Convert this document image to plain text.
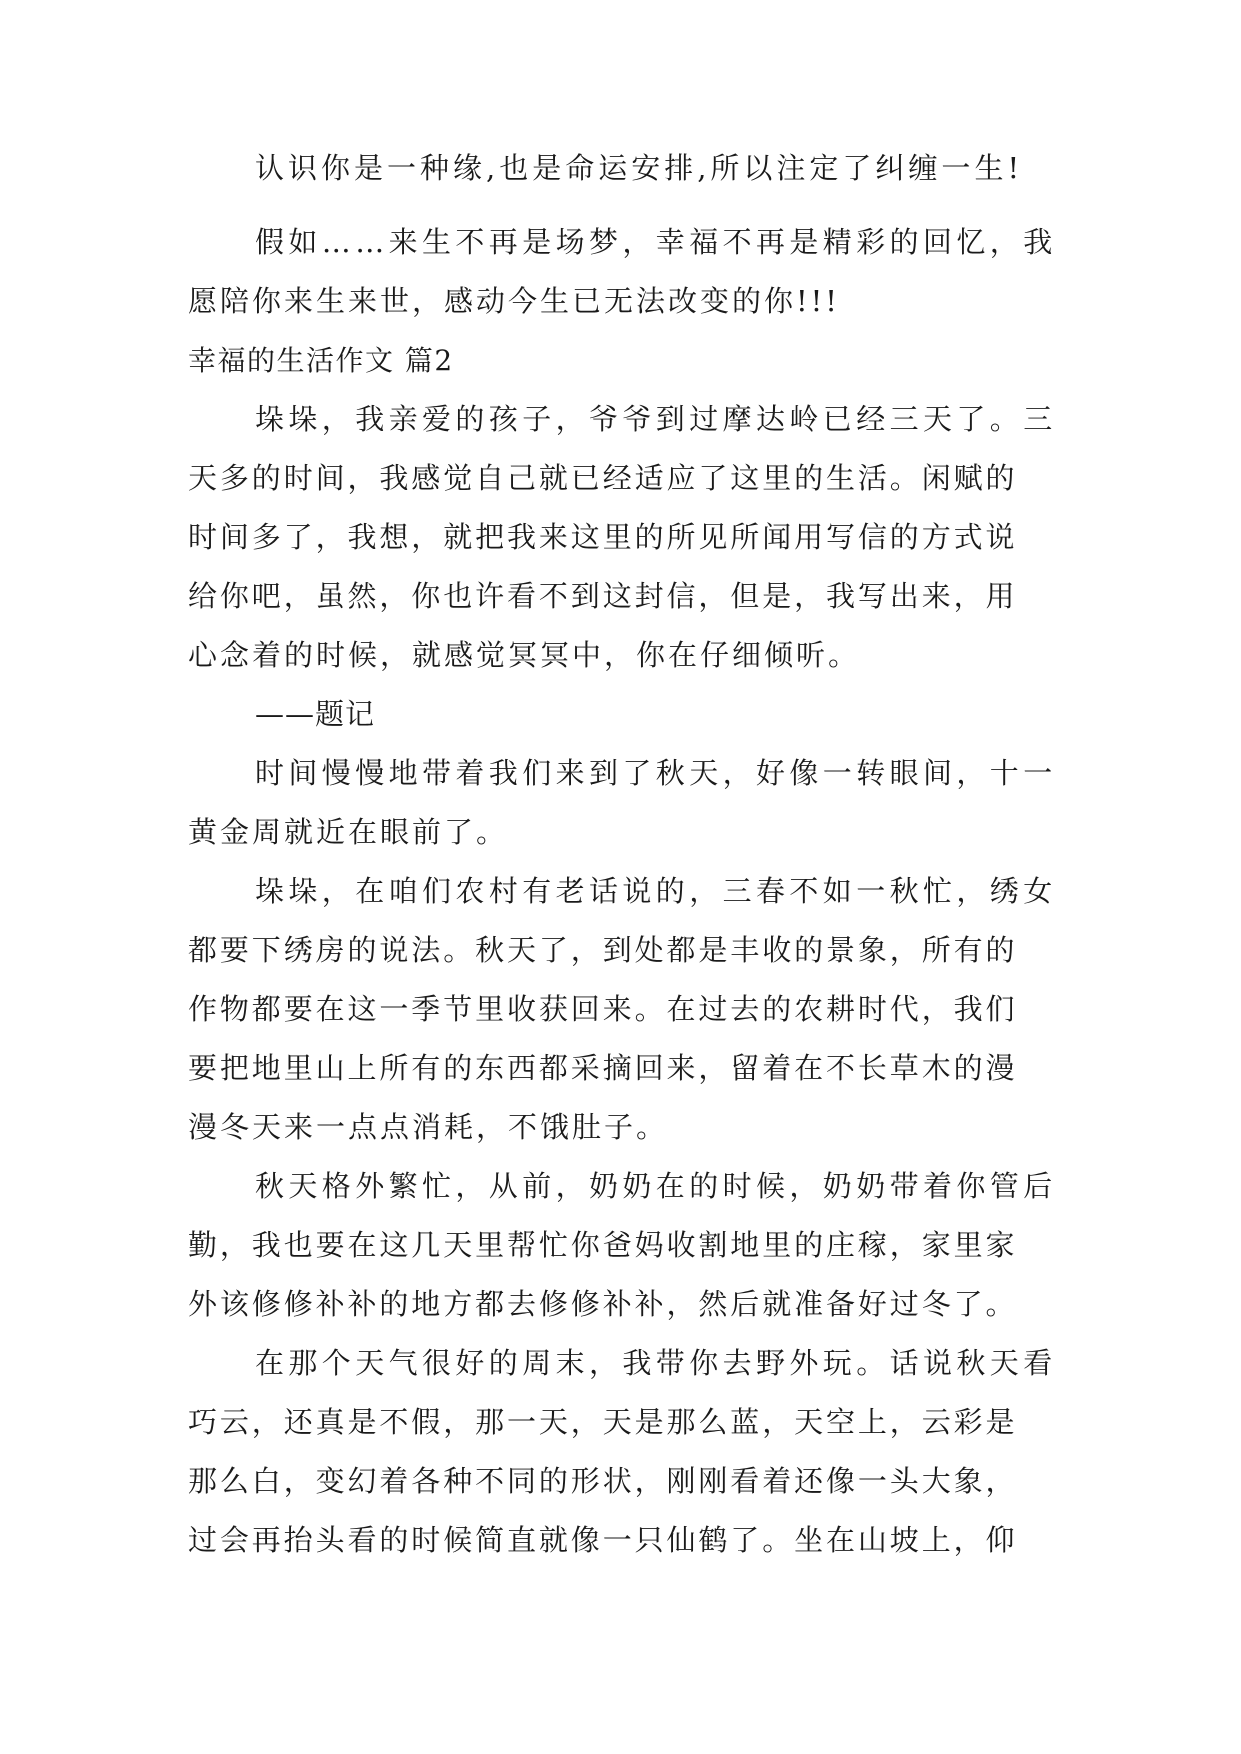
认识你是一种缘,也是命运安排,所以注定了纠缠一生!
假如……来生不再是场梦，幸福不再是精彩的回忆，我
愿陪你来生来世，感动今生已无法改变的你!!!
幸福的生活作文 篇2
垛垛，我亲爱的孩子，爷爷到过摩达岭已经三天了。三
天多的时间，我感觉自己就已经适应了这里的生活。闲赋的
时间多了，我想，就把我来这里的所见所闻用写信的方式说
给你吧，虽然，你也许看不到这封信，但是，我写出来，用
心念着的时候，就感觉冥冥中，你在仔细倾听。
——题记
时间慢慢地带着我们来到了秋天，好像一转眼间，十一
黄金周就近在眼前了。
垛垛，在咱们农村有老话说的，三春不如一秋忙，绣女
都要下绣房的说法。秋天了，到处都是丰收的景象，所有的
作物都要在这一季节里收获回来。在过去的农耕时代，我们
要把地里山上所有的东西都采摘回来，留着在不长草木的漫
漫冬天来一点点消耗，不饿肚子。
秋天格外繁忙，从前，奶奶在的时候，奶奶带着你管后
勤，我也要在这几天里帮忙你爸妈收割地里的庄稼，家里家
外该修修补补的地方都去修修补补，然后就准备好过冬了。
在那个天气很好的周末，我带你去野外玩。话说秋天看
巧云，还真是不假，那一天，天是那么蓝，天空上，云彩是
那么白，变幻着各种不同的形状，刚刚看着还像一头大象，
过会再抬头看的时候简直就像一只仙鹤了。坐在山坡上，仰
